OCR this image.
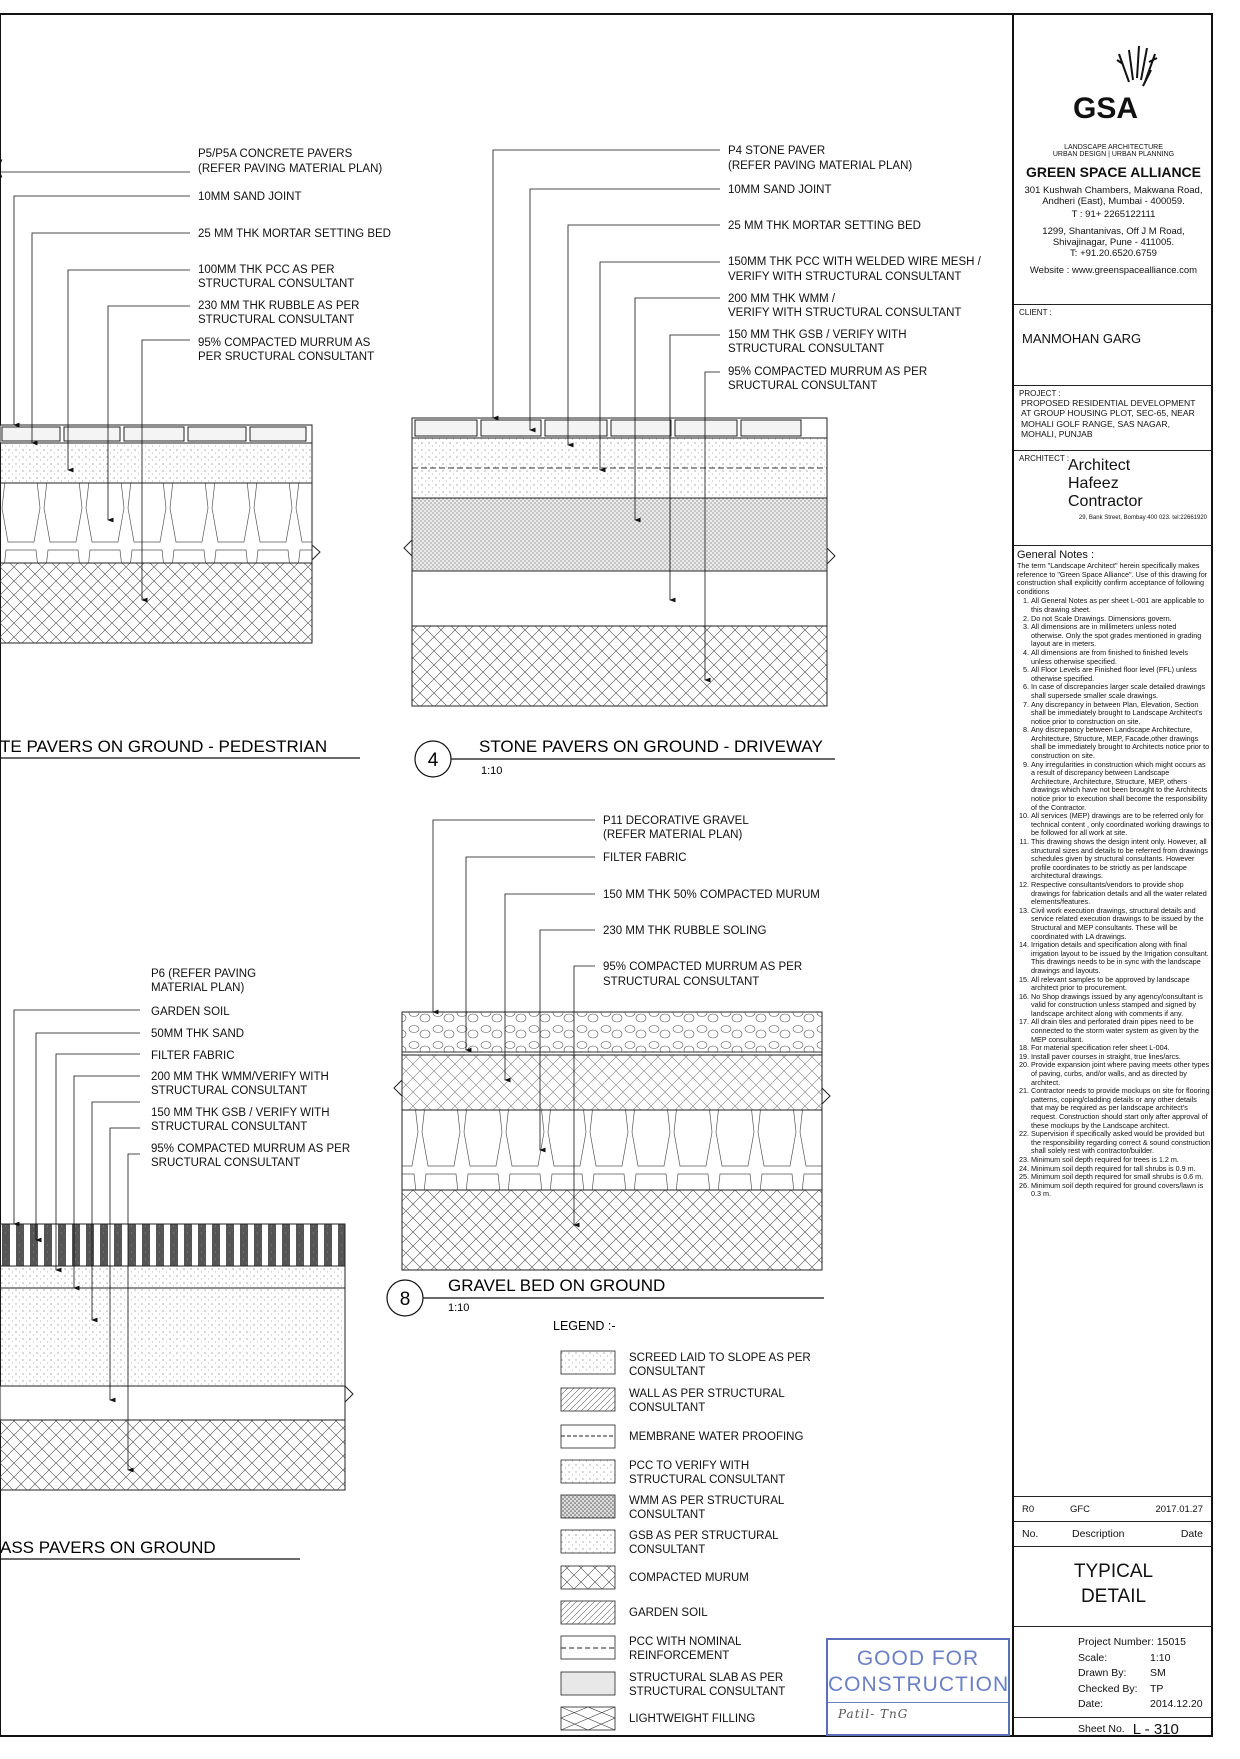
P5/P5A CONCRETE PAVERS
(REFER PAVING MATERIAL PLAN)
10MM SAND JOINT
25 MM THK MORTAR SETTING BED
100MM THK PCC AS PER
STRUCTURAL CONSULTANT
230 MM THK RUBBLE AS PER
STRUCTURAL CONSULTANT
95% COMPACTED MURRUM AS
PER SRUCTURAL CONSULTANT
TE PAVERS ON GROUND - PEDESTRIAN
P4 STONE PAVER
(REFER PAVING MATERIAL PLAN)
10MM SAND JOINT
25 MM THK MORTAR SETTING BED
150MM THK PCC WITH WELDED WIRE MESH /
VERIFY WITH STRUCTURAL CONSULTANT
200 MM THK WMM /
VERIFY WITH STRUCTURAL CONSULTANT
150 MM THK GSB / VERIFY WITH
STRUCTURAL CONSULTANT
95% COMPACTED MURRUM AS PER
SRUCTURAL CONSULTANT
4
STONE PAVERS ON GROUND - DRIVEWAY
1:10
P6 (REFER PAVING
MATERIAL PLAN)
GARDEN SOIL
50MM THK SAND
FILTER FABRIC
200 MM THK WMM/VERIFY WITH
STRUCTURAL CONSULTANT
150 MM THK GSB / VERIFY WITH
STRUCTURAL CONSULTANT
95% COMPACTED MURRUM AS PER
SRUCTURAL CONSULTANT
ASS PAVERS ON GROUND
P11 DECORATIVE GRAVEL
(REFER MATERIAL PLAN)
FILTER FABRIC
150 MM THK 50% COMPACTED MURUM
230 MM THK RUBBLE SOLING
95% COMPACTED MURRUM AS PER
STRUCTURAL CONSULTANT
8
GRAVEL BED ON GROUND
1:10
LEGEND :-
SCREED LAID TO SLOPE AS PER
CONSULTANT
WALL AS PER STRUCTURAL
CONSULTANT
MEMBRANE WATER PROOFING
PCC TO VERIFY WITH
STRUCTURAL CONSULTANT
WMM AS PER STRUCTURAL
CONSULTANT
GSB AS PER STRUCTURAL
CONSULTANT
COMPACTED MURUM
GARDEN SOIL
PCC WITH NOMINAL
REINFORCEMENT
STRUCTURAL SLAB AS PER
STRUCTURAL CONSULTANT
LIGHTWEIGHT FILLING
GOOD FOR
CONSTRUCTION
Patil- TnG
GSA
LANDSCAPE ARCHITECTURE
URBAN DESIGN | URBAN PLANNING
GREEN SPACE ALLIANCE
301 Kushwah Chambers, Makwana Road,
Andheri (East), Mumbai - 400059.
T : 91+ 2265122111
1299, Shantanivas, Off J M Road,
Shivajinagar, Pune - 411005.
T: +91.20.6520.6759
Website : www.greenspacealliance.com
CLIENT :
MANMOHAN GARG
PROJECT :
PROPOSED RESIDENTIAL DEVELOPMENT AT GROUP HOUSING PLOT, SEC-65, NEAR MOHALI GOLF RANGE, SAS NAGAR, MOHALI, PUNJAB
ARCHITECT :
Architect
Hafeez
Contractor
29, Bank Street, Bombay 400 023. tel:22661920
General Notes :
The term "Landscape Architect" herein specifically makes reference to "Green Space Alliance". Use of this drawing for construction shall explicitly confirm acceptance of following conditions
1. All General Notes as per sheet L-001 are applicable to this drawing sheet.
2. Do not Scale Drawings. Dimensions govern.
3. All dimensions are in millimeters unless noted otherwise. Only the spot grades mentioned in grading layout are in meters.
4. All dimensions are from finished to finished levels unless otherwise specified.
5. All Floor Levels are Finished floor level (FFL) unless otherwise specified.
6. In case of discrepancies larger scale detailed drawings shall supersede smaller scale drawings.
7. Any discrepancy in between Plan, Elevation, Section shall be immediately brought to Landscape Architect's notice prior to construction on site.
8. Any discrepancy between Landscape Architecture, Architecture, Structure, MEP, Facade,other drawings shall be immediately brought to Architects notice prior to construction on site.
9. Any irregularities in construction which might occurs as a result of discrepancy between Landscape Architecture, Architecture, Structure, MEP, others drawings which have not been brought to the Architects notice prior to execution shall become the responsibility of the Contractor.
10. All services (MEP) drawings are to be referred only for technical content , only coordinated working drawings to be followed for all work at site.
11. This drawing shows the design intent only. However, all structural sizes and details to be referred from drawings schedules given by structural consultants. However profile coordinates to be strictly as per landscape architectural drawings.
12. Respective consultants/vendors to provide shop drawings for fabrication details and all the water related elements/features.
13. Civil work execution drawings, structural details and service related execution drawings to be issued by the Structural and MEP consultants. These will be coordinated with LA drawings.
14. Irrigation details and specification along with final irrigation layout to be issued by the Irrigation consultant. This drawings needs to be in sync with the landscape drawings and layouts.
15. All relevant samples to be approved by landscape architect prior to procurement.
16. No Shop drawings issued by any agency/consultant is valid for construction unless stamped and signed by landscape architect along with comments if any.
17. All drain tiles and perforated drain pipes need to be connected to the storm water system as given by the MEP consultant.
18. For material specification refer sheet L-004.
19. Install paver courses in straight, true lines/arcs.
20. Provide expansion joint where paving meets other types of paving, curbs, and/or walls, and as directed by architect.
21. Contractor needs to provide mockups on site for flooring patterns, coping/cladding details or any other details that may be required as per landscape architect's request. Construction should start only after approval of these mockups by the Landscape architect.
22. Supervision if specifically asked would be provided but the responsibility regarding correct & sound construction shall solely rest with contractor/builder.
23. Minimum soil depth required for trees is 1.2 m.
24. Minimum soil depth required for tall shrubs is 0.9 m.
25. Minimum soil depth required for small shrubs is 0.6 m.
26. Minimum soil depth required for ground covers/lawn is 0.3 m.
R0	GFC	2017.01.27
No.	Description	Date
TYPICAL
DETAIL
Project Number: 15015
Scale:	1:10
Drawn By: SM
Checked By: TP
Date:	2014.12.20
Sheet No. L - 310
